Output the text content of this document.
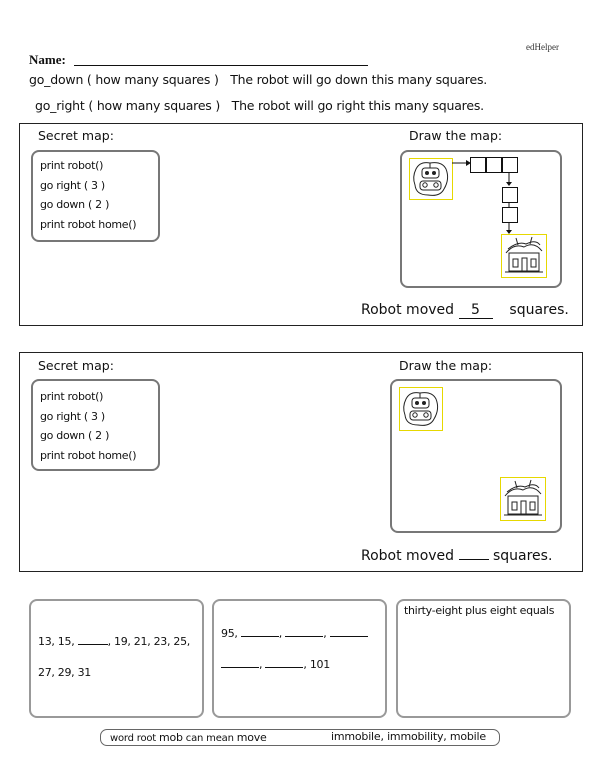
edHelper
Name:
go_down ( how many squares ) The robot will go down this many squares.
go_right ( how many squares ) The robot will go right this many squares.
Secret map:	Draw the map:
print robot()
go right ( 3 )
go down ( 2 )
print robot home()
Robot moved 5 squares.
Secret map:	Draw the map:
print robot()
go right ( 3 )
go down ( 2 )
print robot home()
Robot moved	squares.
13, 15,	, 19, 21, 23, 25,
27, 29, 31
95,	,	,
,	, 101
thirty-eight plus eight equals
word root mob can mean move	immobile, immobility, mobile
